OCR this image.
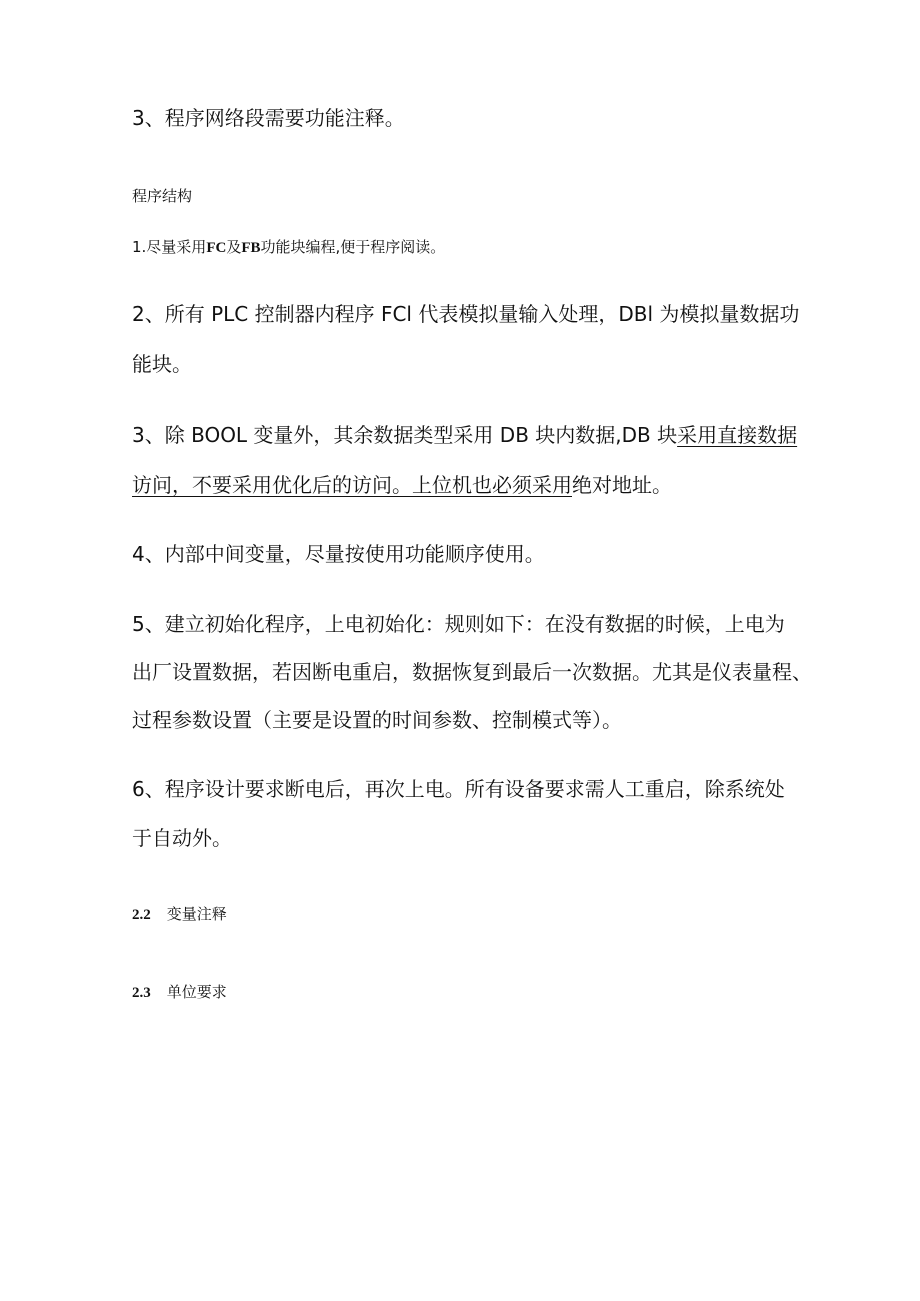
3、程序网络段需要功能注释。

程序结构

1.尽量采用FC及FB功能块编程,便于程序阅读。

2、所有 PLC 控制器内程序 FCl 代表模拟量输入处理，DBl 为模拟量数据功

能块。

3、除 BOOL 变量外，其余数据类型采用 DB 块内数据,DB 块采用直接数据

访问，不要采用优化后的访问。上位机也必须采用绝对地址。

4、内部中间变量，尽量按使用功能顺序使用。

5、建立初始化程序，上电初始化：规则如下：在没有数据的时候，上电为

出厂设置数据，若因断电重启，数据恢复到最后一次数据。尤其是仪表量程、

过程参数设置（主要是设置的时间参数、控制模式等）。

6、程序设计要求断电后，再次上电。所有设备要求需人工重启，除系统处

于自动外。

2.2 变量注释

2.3 单位要求
